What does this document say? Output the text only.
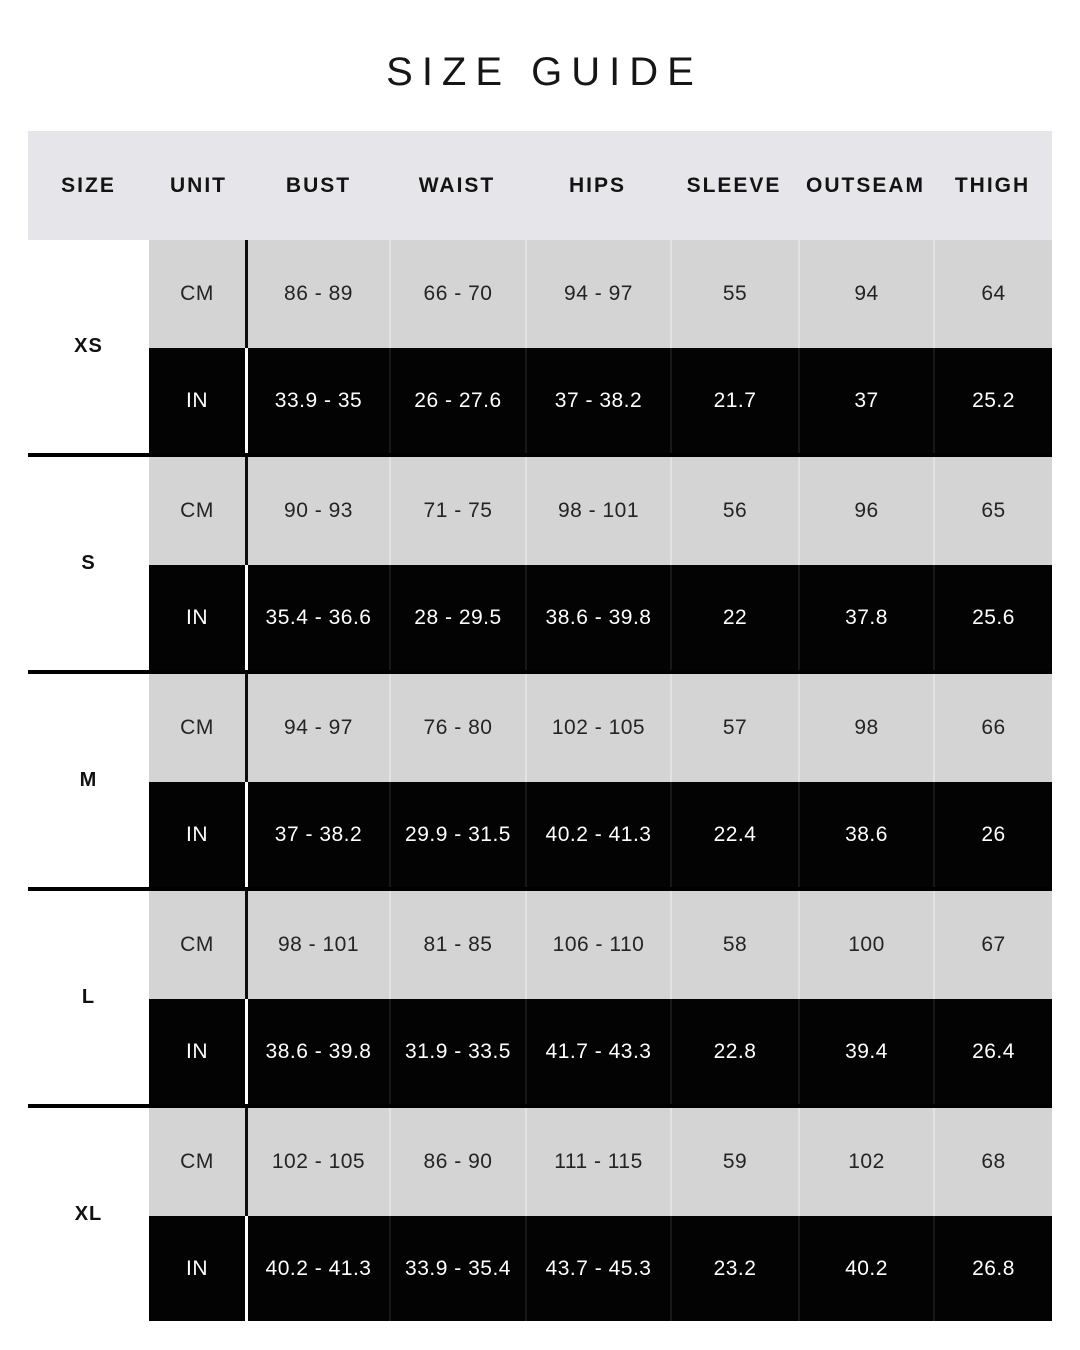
SIZE GUIDE
SIZE	UNIT	BUST	WAIST	HIPS	SLEEVE	OUTSEAM	THIGH
XS
CM	86 - 89	66 - 70	94 - 97	55	94	64
IN	33.9 - 35	26 - 27.6	37 - 38.2	21.7	37	25.2
S
CM	90 - 93	71 - 75	98 - 101	56	96	65
IN	35.4 - 36.6	28 - 29.5	38.6 - 39.8	22	37.8	25.6
M
CM	94 - 97	76 - 80	102 - 105	57	98	66
IN	37 - 38.2	29.9 - 31.5	40.2 - 41.3	22.4	38.6	26
L
CM	98 - 101	81 - 85	106 - 110	58	100	67
IN	38.6 - 39.8	31.9 - 33.5	41.7 - 43.3	22.8	39.4	26.4
XL
CM	102 - 105	86 - 90	111 - 115	59	102	68
IN	40.2 - 41.3	33.9 - 35.4	43.7 - 45.3	23.2	40.2	26.8
